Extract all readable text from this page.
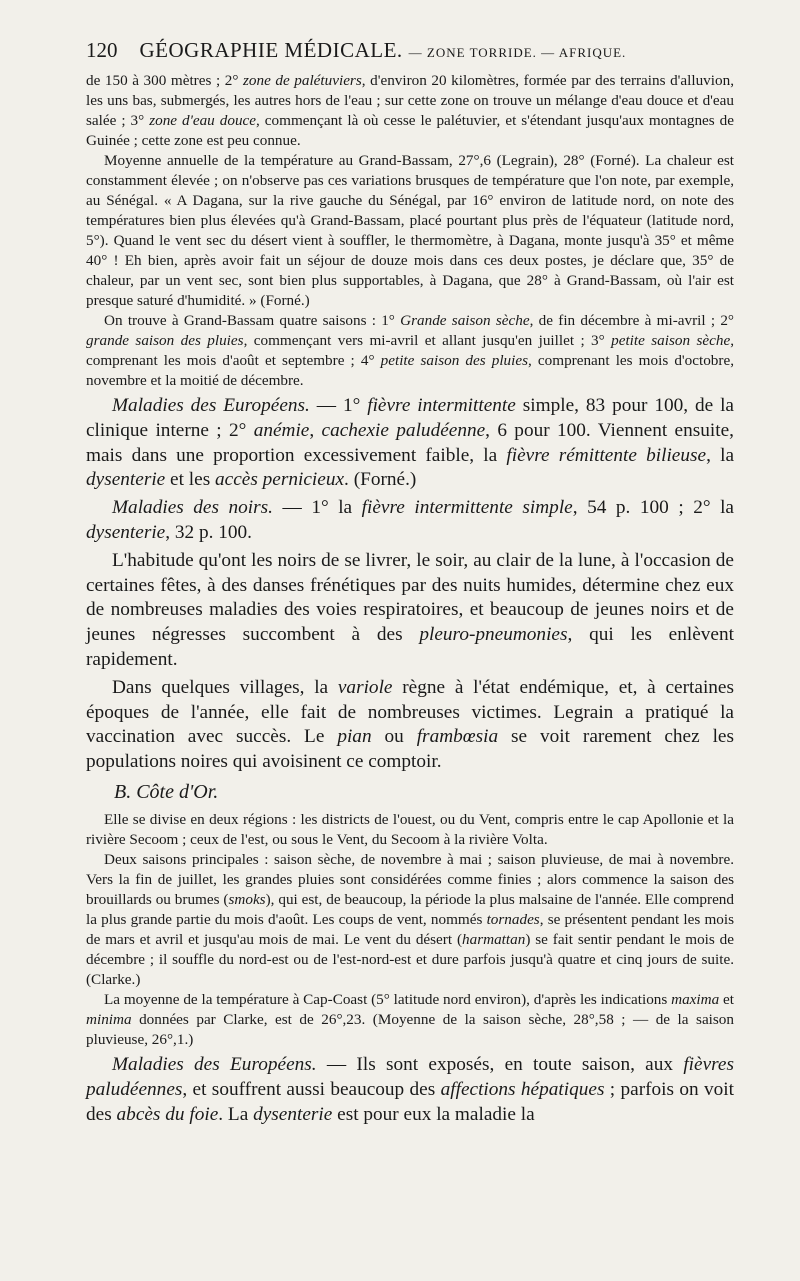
120 GÉOGRAPHIE MÉDICALE. — ZONE TORRIDE. — AFRIQUE.

de 150 à 300 mètres ; 2° zone de palétuviers, d'environ 20 kilomètres, formée par des terrains d'alluvion, les uns bas, submergés, les autres hors de l'eau ; sur cette zone on trouve un mélange d'eau douce et d'eau salée ; 3° zone d'eau douce, commençant là où cesse le palétuvier, et s'étendant jusqu'aux montagnes de Guinée ; cette zone est peu connue.

Moyenne annuelle de la température au Grand-Bassam, 27°,6 (Legrain), 28° (Forné). La chaleur est constamment élevée ; on n'observe pas ces variations brusques de température que l'on note, par exemple, au Sénégal. « A Dagana, sur la rive gauche du Sénégal, par 16° environ de latitude nord, on note des températures bien plus élevées qu'à Grand-Bassam, placé pourtant plus près de l'équateur (latitude nord, 5°). Quand le vent sec du désert vient à souffler, le thermomètre, à Dagana, monte jusqu'à 35° et même 40° ! Eh bien, après avoir fait un séjour de douze mois dans ces deux postes, je déclare que, 35° de chaleur, par un vent sec, sont bien plus supportables, à Dagana, que 28° à Grand-Bassam, où l'air est presque saturé d'humidité. » (Forné.)

On trouve à Grand-Bassam quatre saisons : 1° Grande saison sèche, de fin décembre à mi-avril ; 2° grande saison des pluies, commençant vers mi-avril et allant jusqu'en juillet ; 3° petite saison sèche, comprenant les mois d'août et septembre ; 4° petite saison des pluies, comprenant les mois d'octobre, novembre et la moitié de décembre.

Maladies des Européens. — 1° fièvre intermittente simple, 83 pour 100, de la clinique interne ; 2° anémie, cachexie paludéenne, 6 pour 100. Viennent ensuite, mais dans une proportion excessivement faible, la fièvre rémittente bilieuse, la dysenterie et les accès pernicieux. (Forné.)

Maladies des noirs. — 1° la fièvre intermittente simple, 54 p. 100 ; 2° la dysenterie, 32 p. 100.

L'habitude qu'ont les noirs de se livrer, le soir, au clair de la lune, à l'occasion de certaines fêtes, à des danses frénétiques par des nuits humides, détermine chez eux de nombreuses maladies des voies respiratoires, et beaucoup de jeunes noirs et de jeunes négresses succombent à des pleuro-pneumonies, qui les enlèvent rapidement.

Dans quelques villages, la variole règne à l'état endémique, et, à certaines époques de l'année, elle fait de nombreuses victimes. Legrain a pratiqué la vaccination avec succès. Le pian ou frambœsia se voit rarement chez les populations noires qui avoisinent ce comptoir.

B. Côte d'Or.

Elle se divise en deux régions : les districts de l'ouest, ou du Vent, compris entre le cap Apollonie et la rivière Secoom ; ceux de l'est, ou sous le Vent, du Secoom à la rivière Volta.

Deux saisons principales : saison sèche, de novembre à mai ; saison pluvieuse, de mai à novembre. Vers la fin de juillet, les grandes pluies sont considérées comme finies ; alors commence la saison des brouillards ou brumes (smoks), qui est, de beaucoup, la période la plus malsaine de l'année. Elle comprend la plus grande partie du mois d'août. Les coups de vent, nommés tornades, se présentent pendant les mois de mars et avril et jusqu'au mois de mai. Le vent du désert (harmattan) se fait sentir pendant le mois de décembre ; il souffle du nord-est ou de l'est-nord-est et dure parfois jusqu'à quatre et cinq jours de suite. (Clarke.)

La moyenne de la température à Cap-Coast (5° latitude nord environ), d'après les indications maxima et minima données par Clarke, est de 26°,23. (Moyenne de la saison sèche, 28°,58 ; — de la saison pluvieuse, 26°,1.)

Maladies des Européens. — Ils sont exposés, en toute saison, aux fièvres paludéennes, et souffrent aussi beaucoup des affections hépatiques ; parfois on voit des abcès du foie. La dysenterie est pour eux la maladie la
